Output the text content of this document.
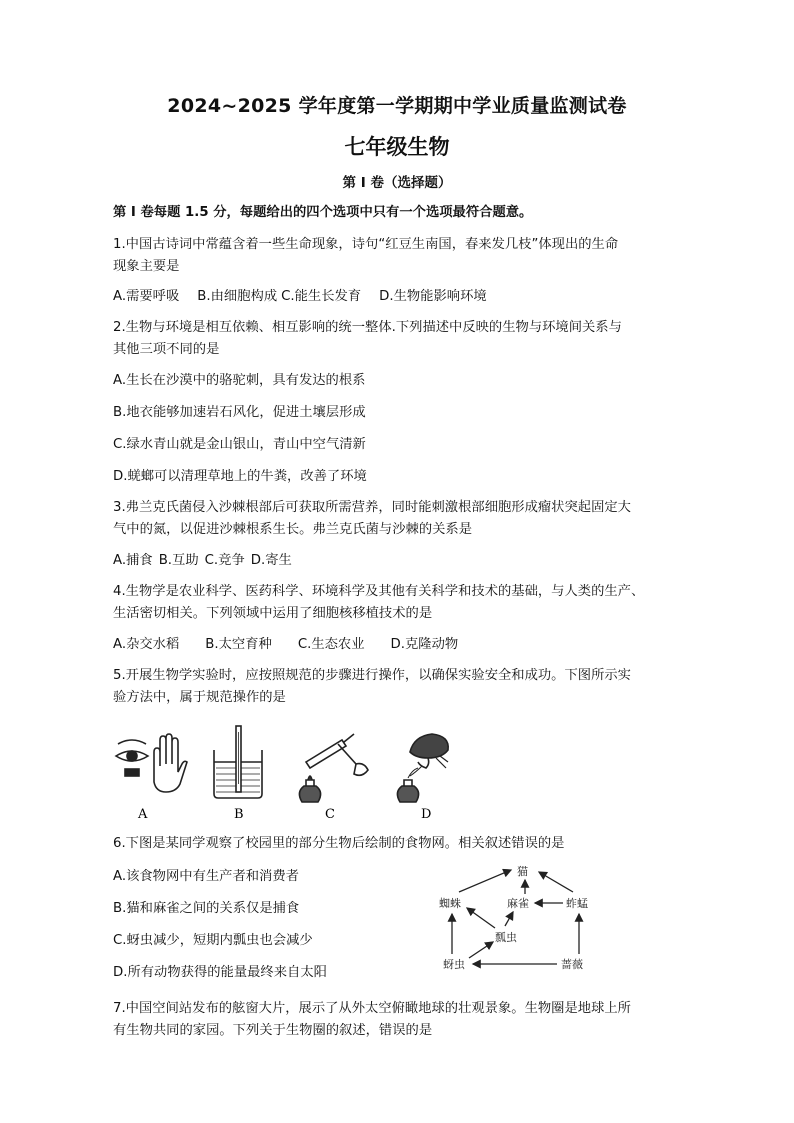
2024~2025 学年度第一学期期中学业质量监测试卷
七年级生物
第 I 卷（选择题）
第 I 卷每题 1.5 分，每题给出的四个选项中只有一个选项最符合题意。
1.中国古诗词中常蕴含着一些生命现象，诗句“红豆生南国，春来发几枝”体现出的生命
现象主要是
A.需要呼吸 B.由细胞构成 C.能生长发育 D.生物能影响环境
2.生物与环境是相互依赖、相互影响的统一整体.下列描述中反映的生物与环境间关系与
其他三项不同的是
A.生长在沙漠中的骆驼刺，具有发达的根系
B.地衣能够加速岩石风化，促进土壤层形成
C.绿水青山就是金山银山，青山中空气清新
D.蜣螂可以清理草地上的牛粪，改善了环境
3.弗兰克氏菌侵入沙棘根部后可获取所需营养，同时能刺激根部细胞形成瘤状突起固定大
气中的氮，以促进沙棘根系生长。弗兰克氏菌与沙棘的关系是
A.捕食 B.互助 C.竞争 D.寄生
4.生物学是农业科学、医药科学、环境科学及其他有关科学和技术的基础，与人类的生产、
生活密切相关。下列领域中运用了细胞核移植技术的是
A.杂交水稻 B.太空育种 C.生态农业 D.克隆动物
5.开展生物学实验时，应按照规范的步骤进行操作，以确保实验安全和成功。下图所示实
验方法中，属于规范操作的是
A	B	C	D
6.下图是某同学观察了校园里的部分生物后绘制的食物网。相关叙述错误的是
A.该食物网中有生产者和消费者
B.猫和麻雀之间的关系仅是捕食
C.蚜虫减少，短期内瓢虫也会减少
D.所有动物获得的能量最终来自太阳
猫
蜘蛛	麻雀	蚱蜢
瓢虫
蚜虫	蔷薇
7.中国空间站发布的舷窗大片，展示了从外太空俯瞰地球的壮观景象。生物圈是地球上所
有生物共同的家园。下列关于生物圈的叙述，错误的是
